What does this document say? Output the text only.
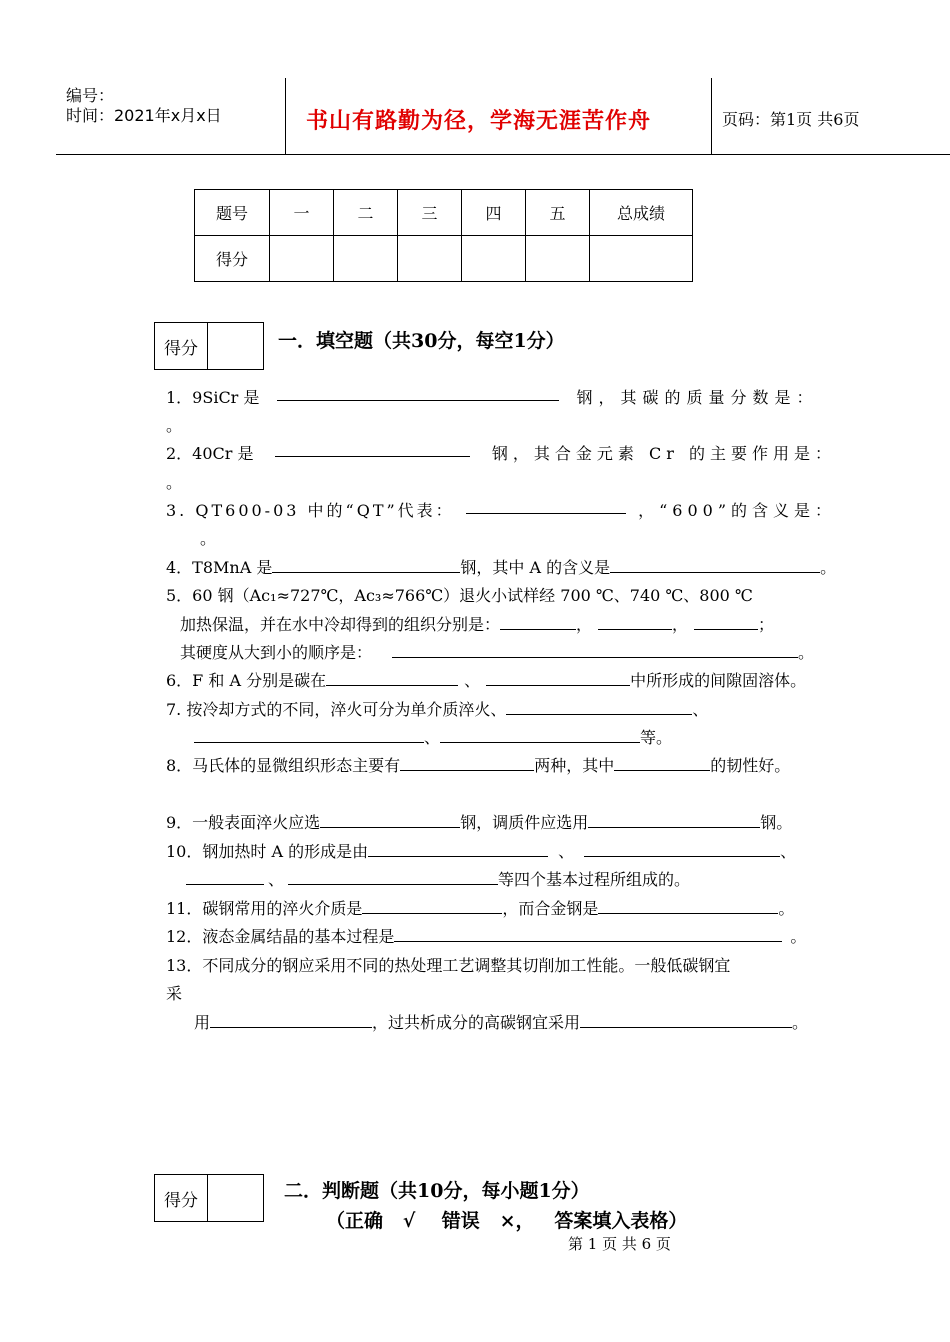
编号：
时间：2021年x月x日	书山有路勤为径，学海无涯苦作舟	页码：第1页 共6页
题号	一	二	三	四	五	总成绩
得分						
得分	一．填空题（共30分，每空1分）
1．9SiCr 是	钢，其碳的质量分数是：
。
2．40Cr 是	钢，其合金元素 Cr 的主要作用是：
。
3. QT600-03 中的“QT”代表：	，“600”的含义是：
。
4．T8MnA 是	钢，其中 A 的含义是	。
5．60 钢（Ac₁≈727℃，Ac₃≈766℃）退火小试样经 700 ℃、740 ℃、800 ℃
加热保温，并在水中冷却得到的组织分别是：	，	，	；
其硬度从大到小的顺序是：	。
6．F 和 A 分别是碳在	、	中所形成的间隙固溶体。
7. 按冷却方式的不同，淬火可分为单介质淬火、	、
、	等。
8．马氏体的显微组织形态主要有	两种，其中	的韧性好。
9．一般表面淬火应选	钢，调质件应选用	钢。
10．钢加热时 A 的形成是由	、	、
、	等四个基本过程所组成的。
11．碳钢常用的淬火介质是	，而合金钢是	。
12．液态金属结晶的基本过程是	。
13．不同成分的钢应采用不同的热处理工艺调整其切削加工性能。一般低碳钢宜
采
用	，过共析成分的高碳钢宜采用	。
得分	二．判断题（共10分，每小题1分）
（正确   √    错误   ×，   答案填入表格）
第 1 页 共 6 页
